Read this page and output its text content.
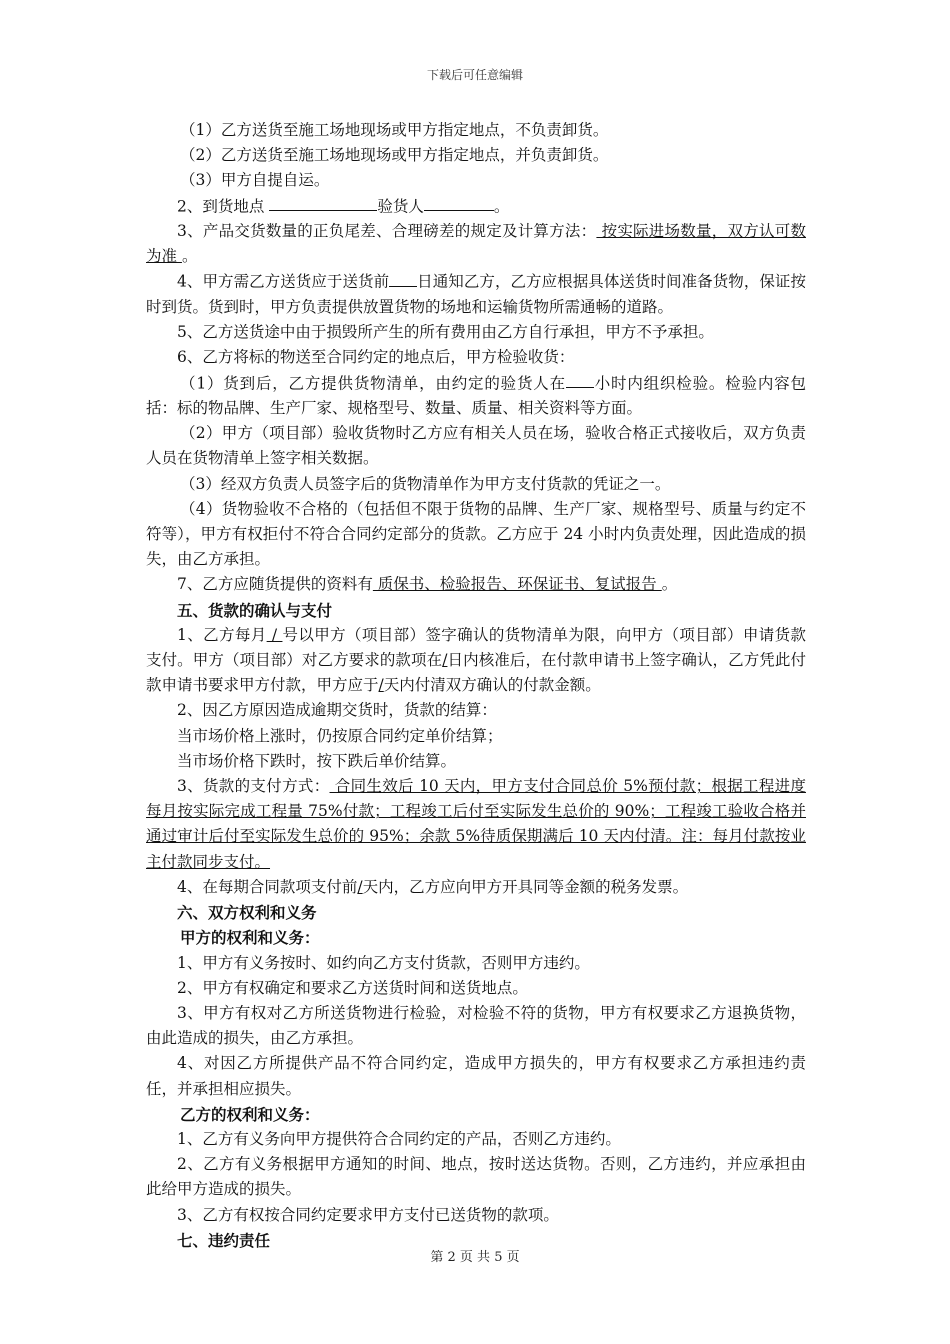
下载后可任意编辑

（1）乙方送货至施工场地现场或甲方指定地点，不负责卸货。

（2）乙方送货至施工场地现场或甲方指定地点，并负责卸货。

（3）甲方自提自运。

2、到货地点	验货人	。

3、产品交货数量的正负尾差、合理磅差的规定及计算方法： 按实际进场数量，双方认可数为准 。

4、甲方需乙方送货应于送货前 日通知乙方，乙方应根据具体送货时间准备货物，保证按时到货。货到时，甲方负责提供放置货物的场地和运输货物所需通畅的道路。

5、乙方送货途中由于损毁所产生的所有费用由乙方自行承担，甲方不予承担。

6、乙方将标的物送至合同约定的地点后，甲方检验收货：

（1）货到后，乙方提供货物清单，由约定的验货人在 小时内组织检验。检验内容包括：标的物品牌、生产厂家、规格型号、数量、质量、相关资料等方面。

（2）甲方（项目部）验收货物时乙方应有相关人员在场，验收合格正式接收后，双方负责人员在货物清单上签字相关数据。

（3）经双方负责人员签字后的货物清单作为甲方支付货款的凭证之一。

（4）货物验收不合格的（包括但不限于货物的品牌、生产厂家、规格型号、质量与约定不符等），甲方有权拒付不符合合同约定部分的货款。乙方应于 24 小时内负责处理，因此造成的损失，由乙方承担。

7、乙方应随货提供的资料有 质保书、检验报告、环保证书、复试报告 。

五、货款的确认与支付

1、乙方每月 / 号以甲方（项目部）签字确认的货物清单为限，向甲方（项目部）申请货款支付。甲方（项目部）对乙方要求的款项在/日内核准后，在付款申请书上签字确认，乙方凭此付款申请书要求甲方付款，甲方应于/天内付清双方确认的付款金额。

2、因乙方原因造成逾期交货时，货款的结算：

当市场价格上涨时，仍按原合同约定单价结算；

当市场价格下跌时，按下跌后单价结算。

3、货款的支付方式： 合同生效后 10 天内，甲方支付合同总价 5%预付款；根据工程进度每月按实际完成工程量 75%付款；工程竣工后付至实际发生总价的 90%；工程竣工验收合格并通过审计后付至实际发生总价的 95%；余款 5%待质保期满后 10 天内付清。注：每月付款按业主付款同步支付。

4、在每期合同款项支付前/天内，乙方应向甲方开具同等金额的税务发票。

六、双方权利和义务

甲方的权利和义务：

1、甲方有义务按时、如约向乙方支付货款，否则甲方违约。

2、甲方有权确定和要求乙方送货时间和送货地点。

3、甲方有权对乙方所送货物进行检验，对检验不符的货物，甲方有权要求乙方退换货物，由此造成的损失，由乙方承担。

4、对因乙方所提供产品不符合同约定，造成甲方损失的，甲方有权要求乙方承担违约责任，并承担相应损失。

乙方的权利和义务：

1、乙方有义务向甲方提供符合合同约定的产品，否则乙方违约。

2、乙方有义务根据甲方通知的时间、地点，按时送达货物。否则，乙方违约，并应承担由此给甲方造成的损失。

3、乙方有权按合同约定要求甲方支付已送货物的款项。

七、违约责任

第 2 页 共 5 页
